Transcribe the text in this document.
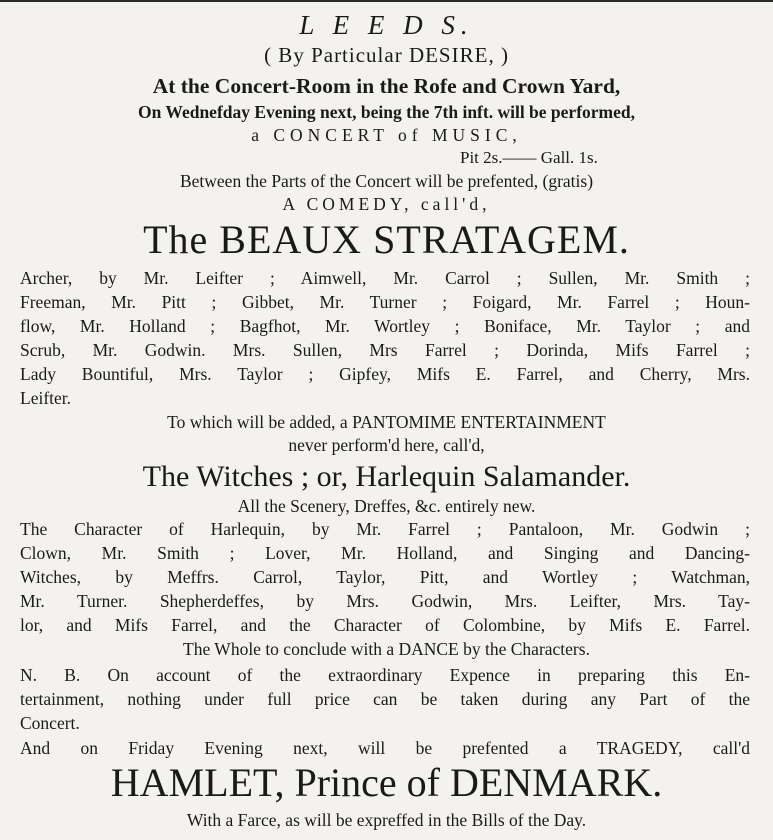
L E E D S.
( By Particular DESIRE, )
At the Concert-Room in the Rofe and Crown Yard,
On Wednefday Evening next, being the 7th inft. will be performed,
a CONCERT of MUSIC,
Pit 2s.—— Gall. 1s.
Between the Parts of the Concert will be prefented, (gratis)
A COMEDY, call'd,
The BEAUX STRATAGEM.
Archer, by Mr. Leifter ; Aimwell, Mr. Carrol ; Sullen, Mr. Smith ;
Freeman, Mr. Pitt ; Gibbet, Mr. Turner ; Foigard, Mr. Farrel ; Houn-
flow, Mr. Holland ; Bagfhot, Mr. Wortley ; Boniface, Mr. Taylor ; and
Scrub, Mr. Godwin. Mrs. Sullen, Mrs Farrel ; Dorinda, Mifs Farrel ;
Lady Bountiful, Mrs. Taylor ; Gipfey, Mifs E. Farrel, and Cherry, Mrs.
Leifter.
To which will be added, a PANTOMIME ENTERTAINMENT
never perform'd here, call'd,
The Witches ; or, Harlequin Salamander.
All the Scenery, Dreffes, &c. entirely new.
The Character of Harlequin, by Mr. Farrel ; Pantaloon, Mr. Godwin ;
Clown, Mr. Smith ; Lover, Mr. Holland, and Singing and Dancing-
Witches, by Meffrs. Carrol, Taylor, Pitt, and Wortley ; Watchman,
Mr. Turner. Shepherdeffes, by Mrs. Godwin, Mrs. Leifter, Mrs. Tay-
lor, and Mifs Farrel, and the Character of Colombine, by Mifs E. Farrel.
The Whole to conclude with a DANCE by the Characters.
N. B. On account of the extraordinary Expence in preparing this En-
tertainment, nothing under full price can be taken during any Part of the
Concert.
And on Friday Evening next, will be prefented a TRAGEDY, call'd
HAMLET, Prince of DENMARK.
With a Farce, as will be expreffed in the Bills of the Day.
